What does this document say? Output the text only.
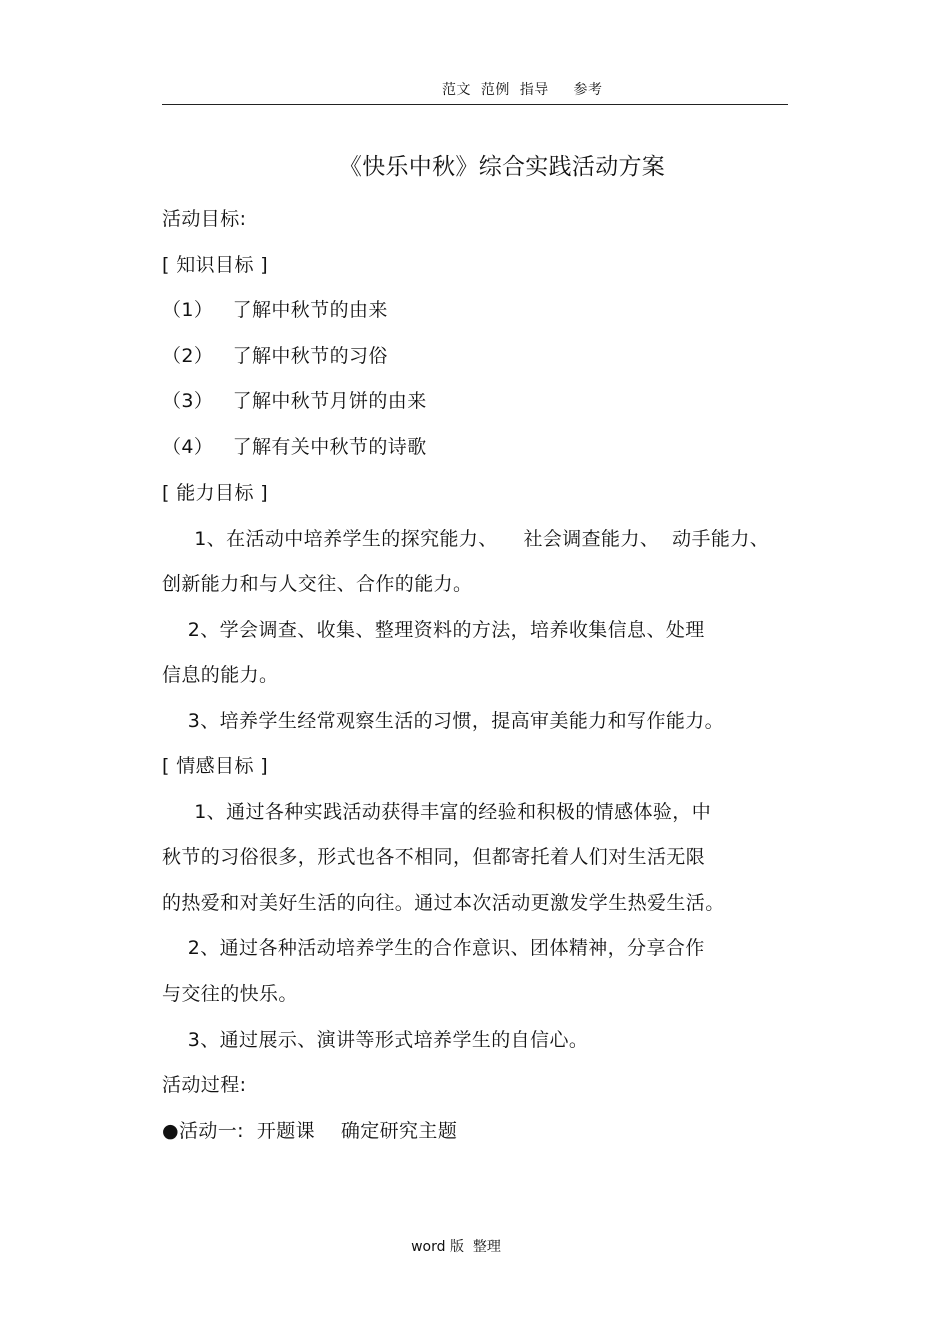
范文  范例  指导     参考
《快乐中秋》综合实践活动方案
活动目标:
[ 知识目标 ]
（1）   了解中秋节的由来
（2）   了解中秋节的习俗
（3）   了解中秋节月饼的由来
（4）   了解有关中秋节的诗歌
[ 能力目标 ]
1、在活动中培养学生的探究能力、    社会调查能力、  动手能力、
创新能力和与人交往、合作的能力。
2、学会调查、收集、整理资料的方法，培养收集信息、处理
信息的能力。
3、培养学生经常观察生活的习惯，提高审美能力和写作能力。
[ 情感目标 ]
1、通过各种实践活动获得丰富的经验和积极的情感体验，中
秋节的习俗很多，形式也各不相同，但都寄托着人们对生活无限
的热爱和对美好生活的向往。通过本次活动更激发学生热爱生活。
2、通过各种活动培养学生的合作意识、团体精神，分享合作
与交往的快乐。
3、通过展示、演讲等形式培养学生的自信心。
活动过程:
●活动一:  开题课    确定研究主题
word 版  整理
